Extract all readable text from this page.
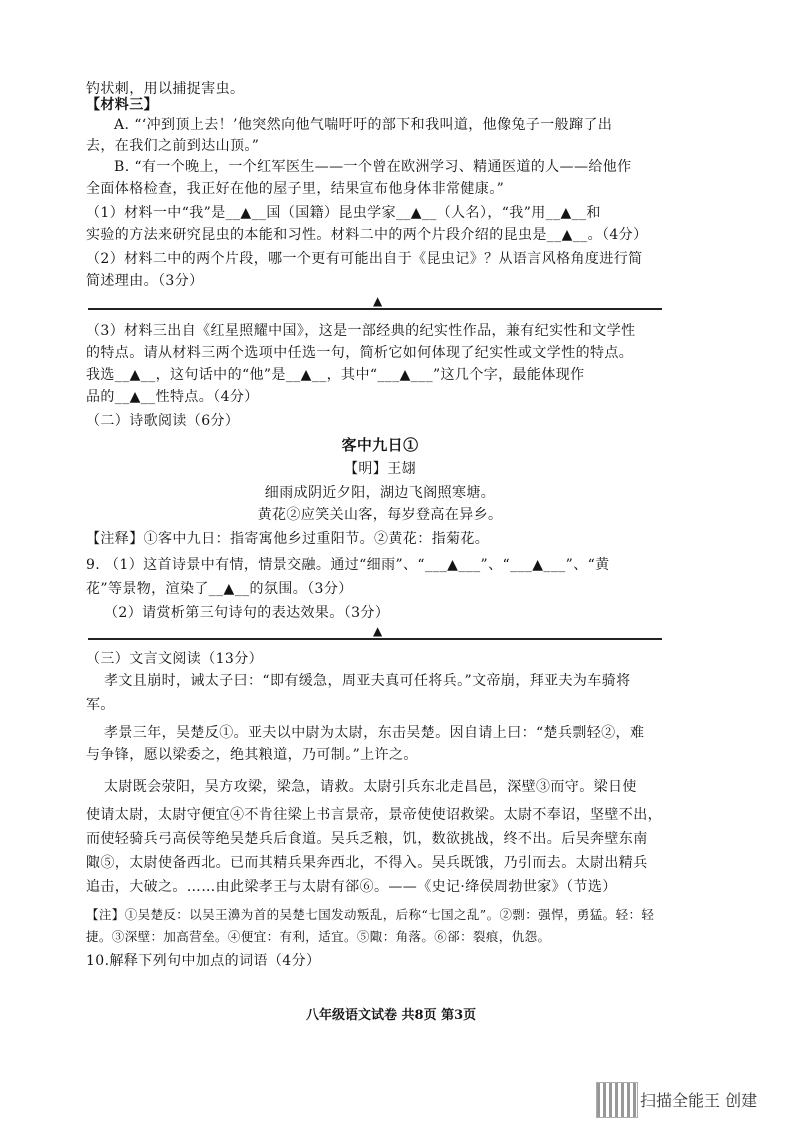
钓状刺，用以捕捉害虫。
【材料三】
A. “‘冲到顶上去！’他突然向他气喘吁吁的部下和我叫道，他像兔子一般蹿了出
去，在我们之前到达山顶。”
B. “有一个晚上，一个红军医生——一个曾在欧洲学习、精通医道的人——给他作
全面体格检查，我正好在他的屋子里，结果宣布他身体非常健康。”
（1）材料一中“我”是__▲__国（国籍）昆虫学家__▲__（人名），“我”用__▲__和
实验的方法来研究昆虫的本能和习性。材料二中的两个片段介绍的昆虫是__▲__。（4分）
（2）材料二中的两个片段，哪一个更有可能出自于《昆虫记》？从语言风格角度进行简
简述理由。（3分）
▲
（3）材料三出自《红星照耀中国》，这是一部经典的纪实性作品，兼有纪实性和文学性
的特点。请从材料三两个选项中任选一句，简析它如何体现了纪实性或文学性的特点。
我选__▲__，这句话中的“他”是__▲__，其中“___▲___”这几个字，最能体现作
品的__▲__性特点。（4分）
（二）诗歌阅读（6分）
客中九日①
【明】王翃
细雨成阴近夕阳，湖边飞阁照寒塘。
黄花②应笑关山客，每岁登高在异乡。
【注释】①客中九日：指寄寓他乡过重阳节。②黄花：指菊花。
9. （1）这首诗景中有情，情景交融。通过“细雨”、“___▲___”、“___▲___”、“黄
花”等景物，渲染了__▲__的氛围。（3分）
（2）请赏析第三句诗句的表达效果。（3分）
▲
（三）文言文阅读（13分）
孝文且崩时，诫太子曰：“即有缓急，周亚夫真可任将兵。”文帝崩，拜亚夫为车骑将
军。
孝景三年，吴楚反①。亚夫以中尉为太尉，东击吴楚。因自请上曰：“楚兵剽轻②，难
与争锋，愿以梁委之，绝其粮道，乃可制。”上许之。
太尉既会荥阳，吴方攻梁，梁急，请救。太尉引兵东北走昌邑，深壁③而守。梁日使
使请太尉，太尉守便宜④不肯往梁上书言景帝，景帝使使诏救梁。太尉不奉诏，坚壁不出，
而使轻骑兵弓高侯等绝吴楚兵后食道。吴兵乏粮，饥，数欲挑战，终不出。后吴奔壁东南
陬⑤，太尉使备西北。已而其精兵果奔西北，不得入。吴兵既饿，乃引而去。太尉出精兵
追击，大破之。……由此梁孝王与太尉有郤⑥。——《史记·绛侯周勃世家》（节选）
【注】①吴楚反：以吴王濞为首的吴楚七国发动叛乱，后称“七国之乱”。②剽：强悍，勇猛。轻：轻
捷。③深壁：加高营垒。④便宜：有利，适宜。⑤陬：角落。⑥郤：裂痕，仇怨。
10.解释下列句中加点的词语（4分）
八年级语文试卷 共8页 第3页
扫描全能王 创建
